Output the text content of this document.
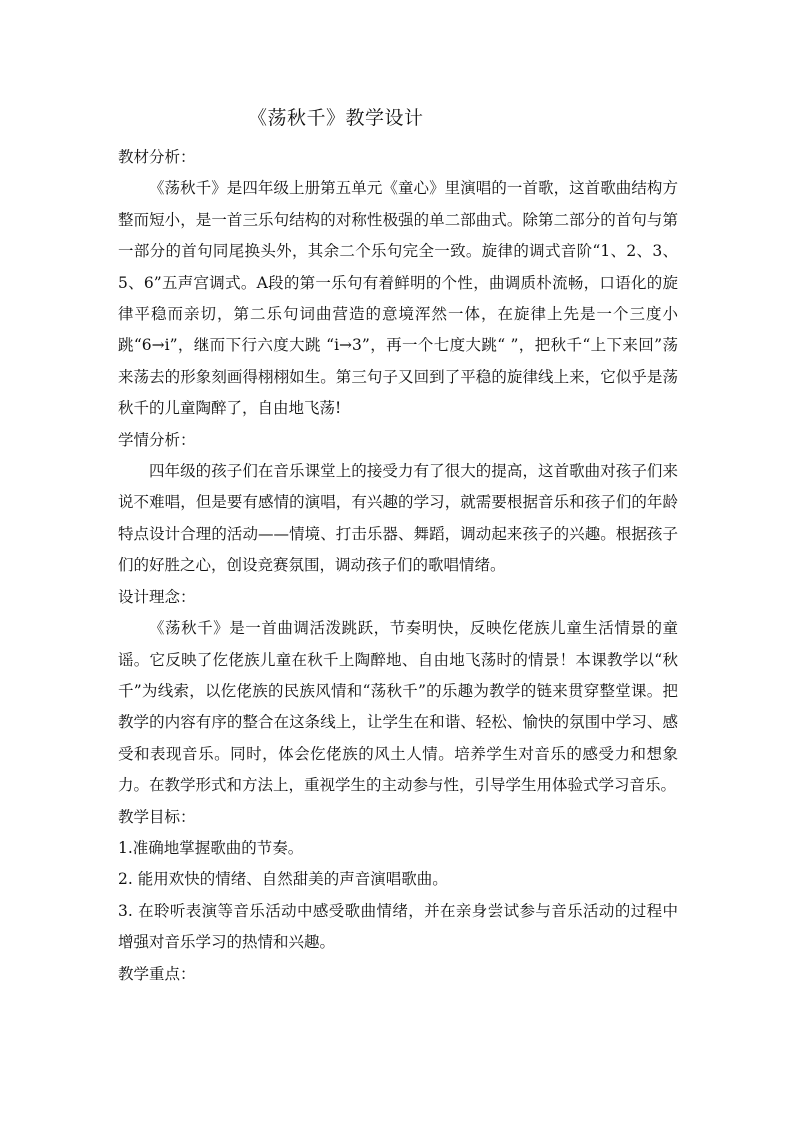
《荡秋千》教学设计

教材分析：

《荡秋千》是四年级上册第五单元《童心》里演唱的一首歌，这首歌曲结构方整而短小，是一首三乐句结构的对称性极强的单二部曲式。除第二部分的首句与第一部分的首句同尾换头外，其余二个乐句完全一致。旋律的调式音阶“1、2、3、5、6”五声宫调式。A段的第一乐句有着鲜明的个性，曲调质朴流畅，口语化的旋律平稳而亲切，第二乐句词曲营造的意境浑然一体，在旋律上先是一个三度小跳“6→i”，继而下行六度大跳 “i→3”，再一个七度大跳“ ”，把秋千“上下来回”荡来荡去的形象刻画得栩栩如生。第三句子又回到了平稳的旋律线上来，它似乎是荡秋千的儿童陶醉了，自由地飞荡!

学情分析：

四年级的孩子们在音乐课堂上的接受力有了很大的提高，这首歌曲对孩子们来说不难唱，但是要有感情的演唱，有兴趣的学习，就需要根据音乐和孩子们的年龄特点设计合理的活动——情境、打击乐器、舞蹈，调动起来孩子的兴趣。根据孩子们的好胜之心，创设竞赛氛围，调动孩子们的歌唱情绪。

设计理念：

《荡秋千》是一首曲调活泼跳跃，节奏明快，反映仡佬族儿童生活情景的童谣。它反映了仡佬族儿童在秋千上陶醉地、自由地飞荡时的情景！本课教学以“秋千”为线索，以仡佬族的民族风情和“荡秋千”的乐趣为教学的链来贯穿整堂课。把教学的内容有序的整合在这条线上，让学生在和谐、轻松、愉快的氛围中学习、感受和表现音乐。同时，体会仡佬族的风土人情。培养学生对音乐的感受力和想象力。在教学形式和方法上，重视学生的主动参与性，引导学生用体验式学习音乐。

教学目标：

1.准确地掌握歌曲的节奏。

2. 能用欢快的情绪、自然甜美的声音演唱歌曲。

3. 在聆听表演等音乐活动中感受歌曲情绪，并在亲身尝试参与音乐活动的过程中增强对音乐学习的热情和兴趣。

教学重点：
